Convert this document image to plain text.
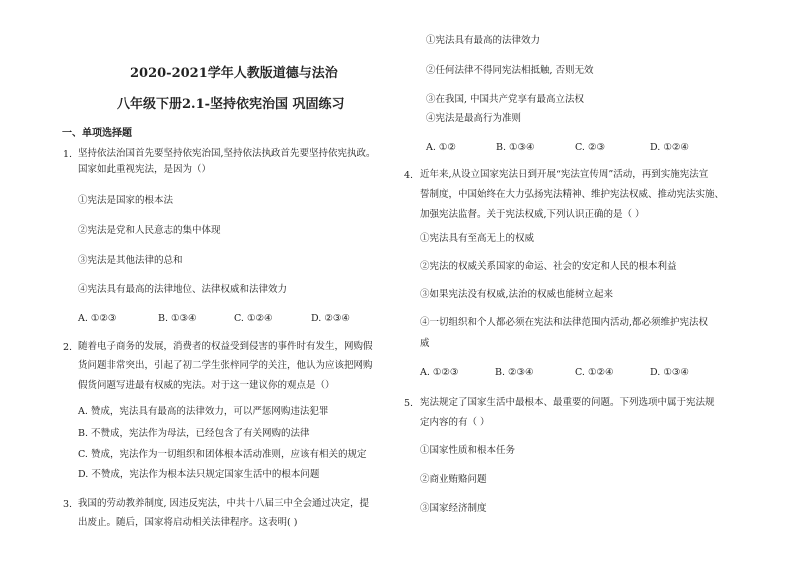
2020-2021学年人教版道德与法治
八年级下册2.1-坚持依宪治国 巩固练习
一、单项选择题
1. 坚持依法治国首先要坚持依宪治国,坚持依法执政首先要坚持依宪执政。
国家如此重视宪法，是因为（）
①宪法是国家的根本法
②宪法是党和人民意志的集中体现
③宪法是其他法律的总和
④宪法具有最高的法律地位、法律权威和法律效力
A. ①②③	B. ①③④	C. ①②④	D. ②③④
2. 随着电子商务的发展，消费者的权益受到侵害的事件时有发生，网购假
货问题非常突出，引起了初二学生张梓同学的关注，他认为应该把网购
假货问题写进最有权威的宪法。对于这一建议你的观点是（）
A. 赞成，宪法具有最高的法律效力，可以严惩网购违法犯罪
B. 不赞成，宪法作为母法，已经包含了有关网购的法律
C. 赞成，宪法作为一切组织和团体根本活动准则，应该有相关的规定
D. 不赞成，宪法作为根本法只规定国家生活中的根本问题
3. 我国的劳动教养制度, 因违反宪法，中共十八届三中全会通过决定，提
出废止。随后，国家将启动相关法律程序。这表明( )
①宪法具有最高的法律效力
②任何法律不得同宪法相抵触, 否则无效
③在我国, 中国共产党享有最高立法权
④宪法是最高行为准则
A. ①②	B. ①③④	C. ②③	D. ①②④
4. 近年来,从设立国家宪法日到开展“宪法宣传周”活动，再到实施宪法宣
誓制度，中国始终在大力弘扬宪法精神、维护宪法权威、推动宪法实施、
加强宪法监督。关于宪法权威,下列认识正确的是（ ）
①宪法具有至高无上的权威
②宪法的权威关系国家的命运、社会的安定和人民的根本利益
③如果宪法没有权威,法治的权威也能树立起来
④一切组织和个人都必须在宪法和法律范围内活动,都必须维护宪法权
威
A. ①②③	B. ②③④	C. ①②④	D. ①③④
5. 宪法规定了国家生活中最根本、最重要的问题。下列选项中属于宪法规
定内容的有（ ）
①国家性质和根本任务
②商业贿赂问题
③国家经济制度
